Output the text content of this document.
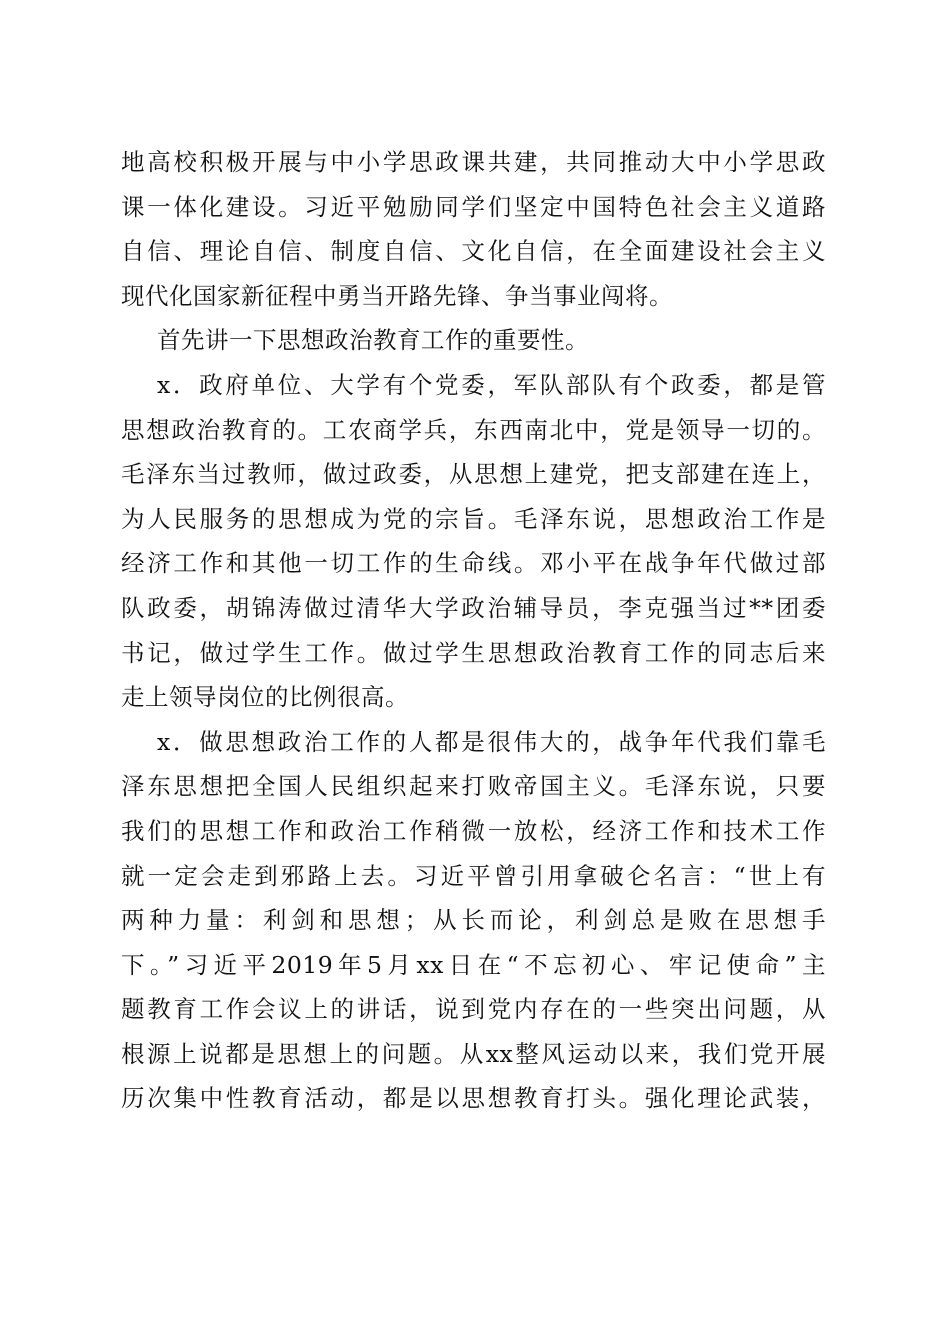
地高校积极开展与中小学思政课共建，共同推动大中小学思政
课一体化建设。习近平勉励同学们坚定中国特色社会主义道路
自信、理论自信、制度自信、文化自信，在全面建设社会主义
现代化国家新征程中勇当开路先锋、争当事业闯将。
首先讲一下思想政治教育工作的重要性。
x．政府单位、大学有个党委，军队部队有个政委，都是管
思想政治教育的。工农商学兵，东西南北中，党是领导一切的。
毛泽东当过教师，做过政委，从思想上建党，把支部建在连上，
为人民服务的思想成为党的宗旨。毛泽东说，思想政治工作是
经济工作和其他一切工作的生命线。邓小平在战争年代做过部
队政委，胡锦涛做过清华大学政治辅导员，李克强当过**团委
书记，做过学生工作。做过学生思想政治教育工作的同志后来
走上领导岗位的比例很高。
x．做思想政治工作的人都是很伟大的，战争年代我们靠毛
泽东思想把全国人民组织起来打败帝国主义。毛泽东说，只要
我们的思想工作和政治工作稍微一放松，经济工作和技术工作
就一定会走到邪路上去。习近平曾引用拿破仑名言：“世上有
两种力量：利剑和思想；从长而论，利剑总是败在思想手
下。”习近平2019年5月xx日在“不忘初心、牢记使命”主
题教育工作会议上的讲话，说到党内存在的一些突出问题，从
根源上说都是思想上的问题。从xx整风运动以来，我们党开展
历次集中性教育活动，都是以思想教育打头。强化理论武装，
